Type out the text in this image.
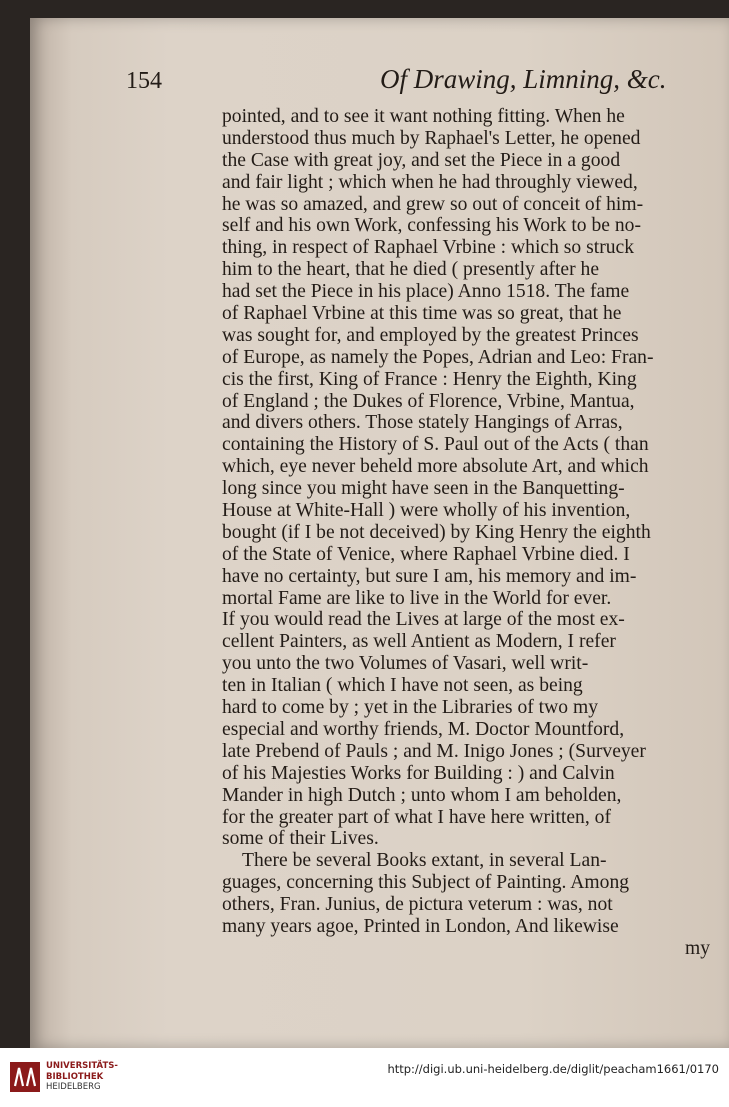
154	Of Drawing, Limning, &c.
pointed, and to see it want nothing fitting. When he
understood thus much by Raphael's Letter, he opened
the Case with great joy, and set the Piece in a good
and fair light ; which when he had throughly viewed,
he was so amazed, and grew so out of conceit of him-
self and his own Work, confessing his Work to be no-
thing, in respect of Raphael Vrbine : which so struck
him to the heart, that he died ( presently after he
had set the Piece in his place) Anno 1518. The fame
of Raphael Vrbine at this time was so great, that he
was sought for, and employed by the greatest Princes
of Europe, as namely the Popes, Adrian and Leo: Fran-
cis the first, King of France : Henry the Eighth, King
of England ; the Dukes of Florence, Vrbine, Mantua,
and divers others. Those stately Hangings of Arras,
containing the History of S. Paul out of the Acts ( than
which, eye never beheld more absolute Art, and which
long since you might have seen in the Banquetting-
House at White-Hall ) were wholly of his invention,
bought (if I be not deceived) by King Henry the eighth
of the State of Venice, where Raphael Vrbine died. I
have no certainty, but sure I am, his memory and im-
mortal Fame are like to live in the World for ever.
If you would read the Lives at large of the most ex-
cellent Painters, as well Antient as Modern, I refer
you unto the two Volumes of Vasari, well writ-
ten in Italian ( which I have not seen, as being
hard to come by ; yet in the Libraries of two my
especial and worthy friends, M. Doctor Mountford,
late Prebend of Pauls ; and M. Inigo Jones ; (Surveyer
of his Majesties Works for Building : ) and Calvin
Mander in high Dutch ; unto whom I am beholden,
for the greater part of what I have here written, of
some of their Lives.
There be several Books extant, in several Lan-
guages, concerning this Subject of Painting. Among
others, Fran. Junius, de pictura veterum : was, not
many years agoe, Printed in London, And likewise
my
UNIVERSITÄTS-
BIBLIOTHEK
HEIDELBERG
http://digi.ub.uni-heidelberg.de/diglit/peacham1661/0170
